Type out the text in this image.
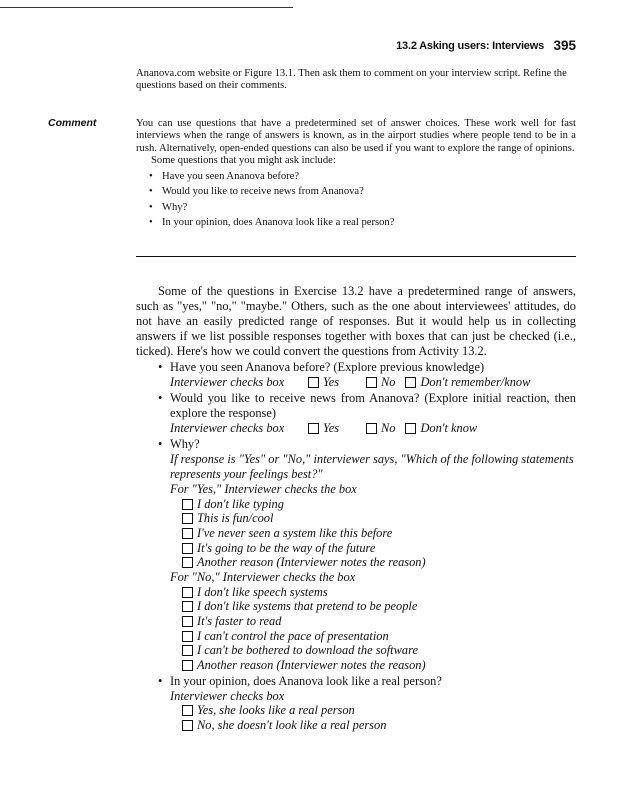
13.2 Asking users: Interviews 395
Ananova.com website or Figure 13.1. Then ask them to comment on your interview script. Refine the questions based on their comments.
Comment	You can use questions that have a predetermined set of answer choices. These work well for fast interviews when the range of answers is known, as in the airport studies where people tend to be in a rush. Alternatively, open-ended questions can also be used if you want to explore the range of opinions.

Some questions that you might ask include:

• Have you seen Ananova before?
• Would you like to receive news from Ananova?
• Why?
• In your opinion, does Ananova look like a real person?

Some of the questions in Exercise 13.2 have a predetermined range of answers, such as "yes," "no," "maybe." Others, such as the one about interviewees' attitudes, do not have an easily predicted range of responses. But it would help us in collecting answers if we list possible responses together with boxes that can just be checked (i.e., ticked). Here's how we could convert the questions from Activity 13.2.

• Have you seen Ananova before? (Explore previous knowledge)
Interviewer checks box	Yes	No Don't remember/know
• Would you like to receive news from Ananova? (Explore initial reaction, then explore the response)
Interviewer checks box	Yes	No Don't know
• Why?
If response is "Yes" or "No," interviewer says, "Which of the following statements represents your feelings best?"
For "Yes," Interviewer checks the box
I don't like typing
This is fun/cool
I've never seen a system like this before
It's going to be the way of the future
Another reason (Interviewer notes the reason)
For "No," Interviewer checks the box
I don't like speech systems
I don't like systems that pretend to be people
It's faster to read
I can't control the pace of presentation
I can't be bothered to download the software
Another reason (Interviewer notes the reason)
• In your opinion, does Ananova look like a real person?
Interviewer checks box
Yes, she looks like a real person
No, she doesn't look like a real person
